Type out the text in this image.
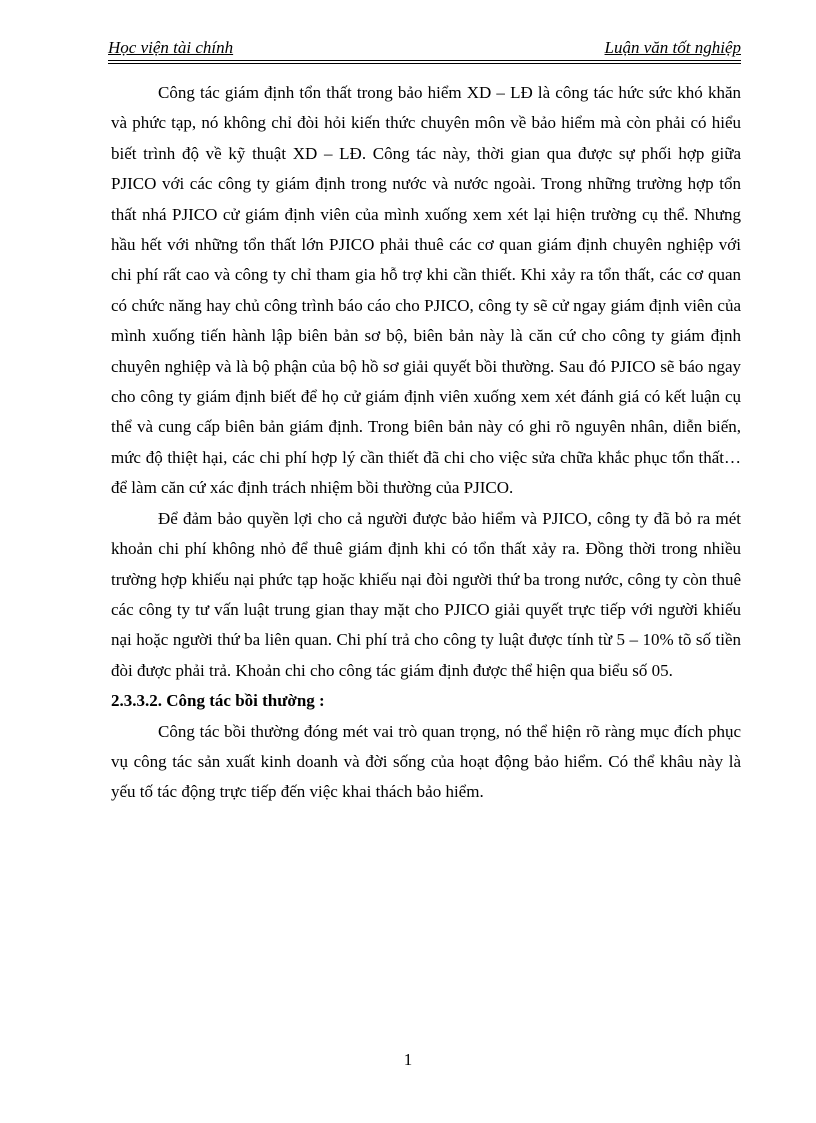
Học viện tài chính	Luận văn tốt nghiệp

Công tác giám định tổn thất trong bảo hiểm XD – LĐ là công tác hức sức khó khăn và phức tạp, nó không chỉ đòi hỏi kiến thức chuyên môn về bảo hiểm mà còn phải có hiểu biết trình độ về kỹ thuật XD – LĐ. Công tác này, thời gian qua được sự phối hợp giữa PJICO với các công ty giám định trong nước và nước ngoài. Trong những trường hợp tổn thất nhá PJICO cử giám định viên của mình xuống xem xét lại hiện trường cụ thể. Nhưng hầu hết với những tổn thất lớn PJICO phải thuê các cơ quan giám định chuyên nghiệp với chi phí rất cao và công ty chỉ tham gia hỗ trợ khi cần thiết. Khi xảy ra tổn thất, các cơ quan có chức năng hay chủ công trình báo cáo cho PJICO, công ty sẽ cử ngay giám định viên của mình xuống tiến hành lập biên bản sơ bộ, biên bản này là căn cứ cho công ty giám định chuyên nghiệp và là bộ phận của bộ hồ sơ giải quyết bồi thường. Sau đó PJICO sẽ báo ngay cho công ty giám định biết để họ cử giám định viên xuống xem xét đánh giá có kết luận cụ thể và cung cấp biên bản giám định. Trong biên bản này có ghi rõ nguyên nhân, diễn biến, mức độ thiệt hại, các chi phí hợp lý cần thiết đã chi cho việc sửa chữa khắc phục tổn thất…để làm căn cứ xác định trách nhiệm bồi thường của PJICO.

Để đảm bảo quyền lợi cho cả người được bảo hiểm và PJICO, công ty đã bỏ ra mét khoản chi phí không nhỏ để thuê giám định khi có tổn thất xảy ra. Đồng thời trong nhiều trường hợp khiếu nại phức tạp hoặc khiếu nại đòi người thứ ba trong nước, công ty còn thuê các công ty tư vấn luật trung gian thay mặt cho PJICO giải quyết trực tiếp với người khiếu nại hoặc người thứ ba liên quan. Chi phí trả cho công ty luật được tính từ 5 – 10% tõ số tiền đòi được phải trả. Khoản chi cho công tác giám định được thể hiện qua biểu số 05.

2.3.3.2. Công tác bồi thường :

Công tác bồi thường đóng mét vai trò quan trọng, nó thể hiện rõ ràng mục đích phục vụ công tác sản xuất kinh doanh và đời sống của hoạt động bảo hiểm. Có thể khâu này là yếu tố tác động trực tiếp đến việc khai thách bảo hiểm.

1
